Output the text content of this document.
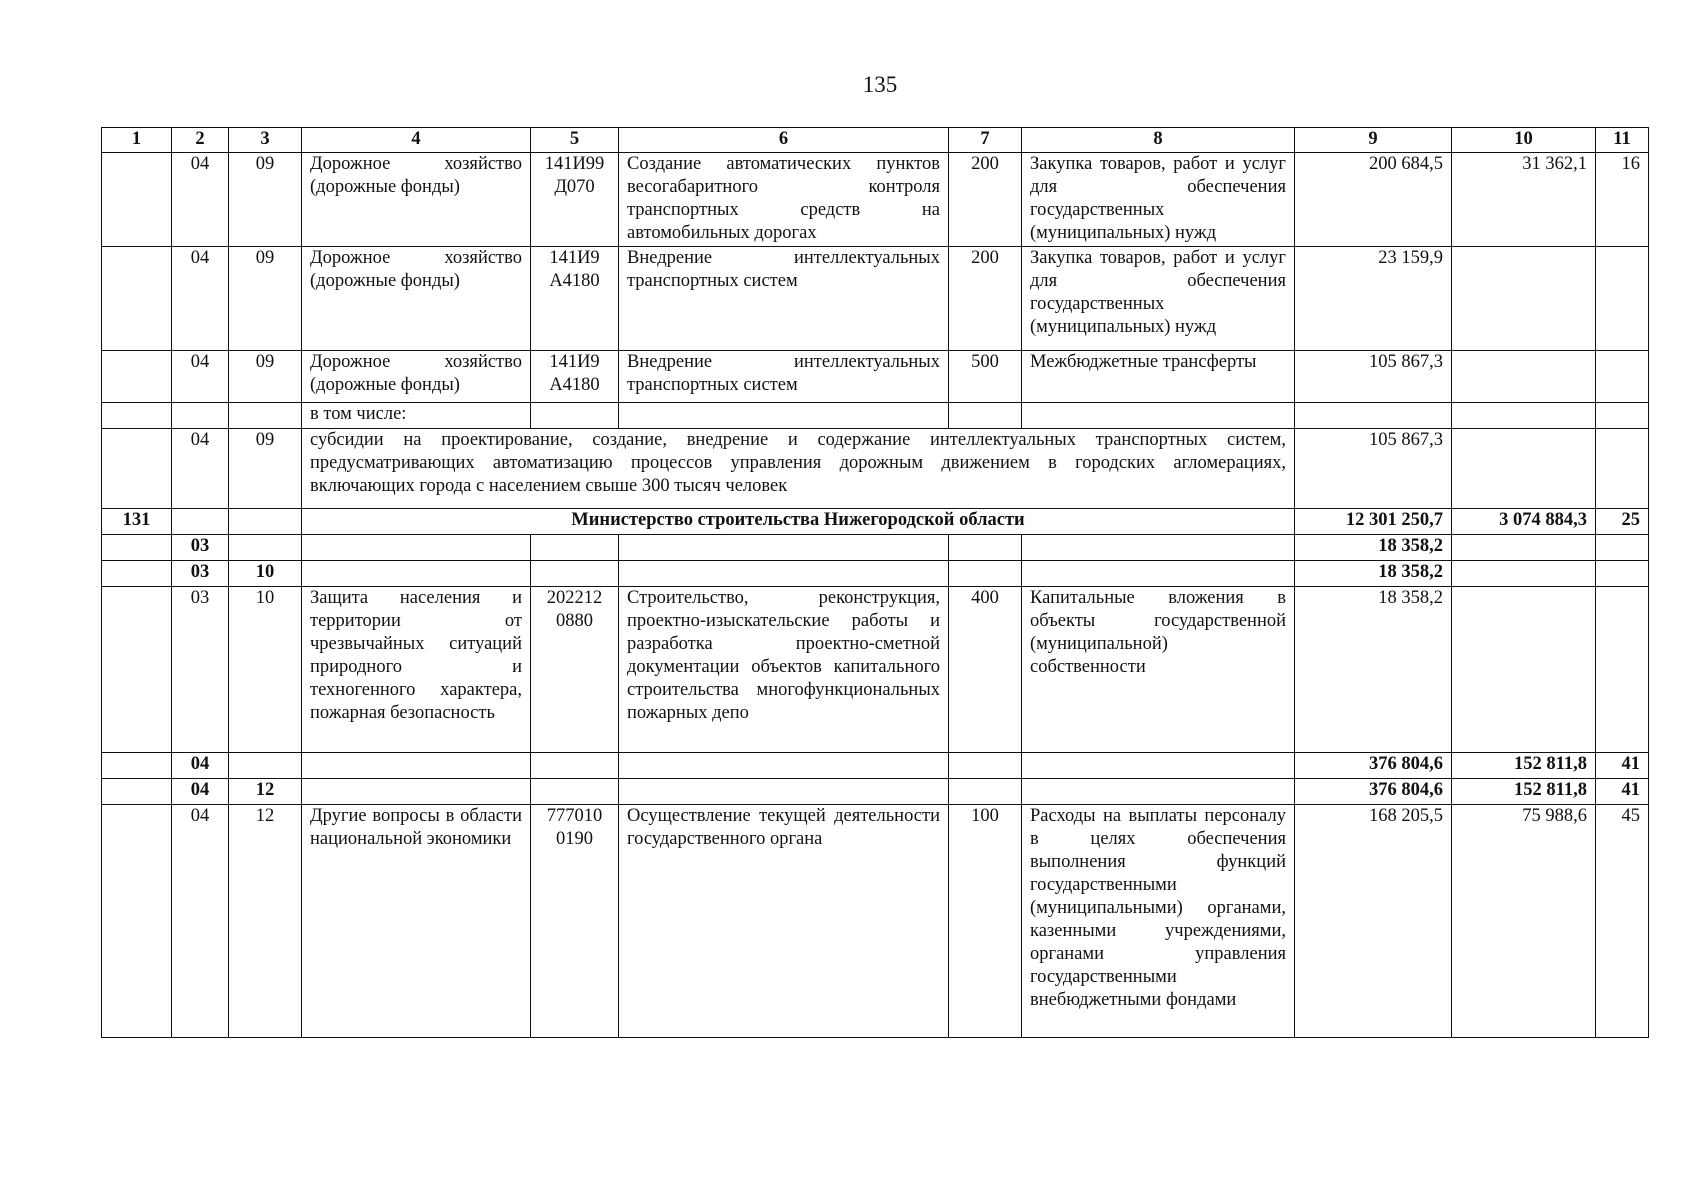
135
1	2	3	4	5	6	7	8	9	10	11
	04	09	Дорожное хозяйство (дорожные фонды)	141И99 Д070	Создание автоматических пунктов весогабаритного контроля транспортных средств на автомобильных дорогах	200	Закупка товаров, работ и услуг для обеспечения государственных (муниципальных) нужд	200 684,5	31 362,1	16
	04	09	Дорожное хозяйство (дорожные фонды)	141И9 А4180	Внедрение интеллектуальных транспортных систем	200	Закупка товаров, работ и услуг для обеспечения государственных (муниципальных) нужд	23 159,9		
	04	09	Дорожное хозяйство (дорожные фонды)	141И9 А4180	Внедрение интеллектуальных транспортных систем	500	Межбюджетные трансферты	105 867,3		
			в том числе:							
	04	09	субсидии на проектирование, создание, внедрение и содержание интеллектуальных транспортных систем, предусматривающих автоматизацию процессов управления дорожным движением в городских агломерациях, включающих города с населением свыше 300 тысяч человек					105 867,3		
131			Министерство строительства Нижегородской области					12 301 250,7	3 074 884,3	25
	03							18 358,2		
	03	10						18 358,2		
	03	10	Защита населения и территории от чрезвычайных ситуаций природного и техногенного характера, пожарная безопасность	202212 0880	Строительство, реконструкция, проектно-изыскательские работы и разработка проектно-сметной документации объектов капитального строительства многофункциональных пожарных депо	400	Капитальные вложения в объекты государственной (муниципальной) собственности	18 358,2		
	04							376 804,6	152 811,8	41
	04	12						376 804,6	152 811,8	41
	04	12	Другие вопросы в области национальной экономики	777010 0190	Осуществление текущей деятельности государственного органа	100	Расходы на выплаты персоналу в целях обеспечения выполнения функций государственными (муниципальными) органами, казенными учреждениями, органами управления государственными внебюджетными фондами	168 205,5	75 988,6	45
